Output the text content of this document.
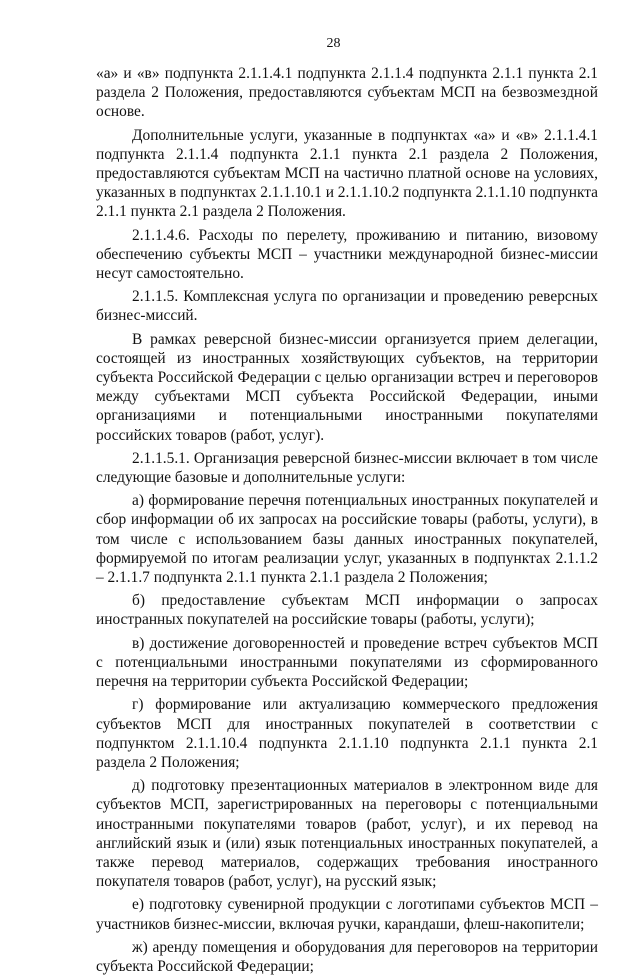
28

«а» и «в» подпункта 2.1.1.4.1 подпункта 2.1.1.4 подпункта 2.1.1 пункта 2.1 раздела 2 Положения, предоставляются субъектам МСП на безвозмездной основе.

Дополнительные услуги, указанные в подпунктах «а» и «в» 2.1.1.4.1 подпункта 2.1.1.4 подпункта 2.1.1 пункта 2.1 раздела 2 Положения, предоставляются субъектам МСП на частично платной основе на условиях, указанных в подпунктах 2.1.1.10.1 и 2.1.1.10.2 подпункта 2.1.1.10 подпункта 2.1.1 пункта 2.1 раздела 2 Положения.

2.1.1.4.6. Расходы по перелету, проживанию и питанию, визовому обеспечению субъекты МСП – участники международной бизнес-миссии несут самостоятельно.

2.1.1.5. Комплексная услуга по организации и проведению реверсных бизнес-миссий.

В рамках реверсной бизнес-миссии организуется прием делегации, состоящей из иностранных хозяйствующих субъектов, на территории субъекта Российской Федерации с целью организации встреч и переговоров между субъектами МСП субъекта Российской Федерации, иными организациями и потенциальными иностранными покупателями российских товаров (работ, услуг).

2.1.1.5.1. Организация реверсной бизнес-миссии включает в том числе следующие базовые и дополнительные услуги:

а) формирование перечня потенциальных иностранных покупателей и сбор информации об их запросах на российские товары (работы, услуги), в том числе с использованием базы данных иностранных покупателей, формируемой по итогам реализации услуг, указанных в подпунктах 2.1.1.2 – 2.1.1.7 подпункта 2.1.1 пункта 2.1.1 раздела 2 Положения;

б) предоставление субъектам МСП информации о запросах иностранных покупателей на российские товары (работы, услуги);

в) достижение договоренностей и проведение встреч субъектов МСП с потенциальными иностранными покупателями из сформированного перечня на территории субъекта Российской Федерации;

г) формирование или актуализацию коммерческого предложения субъектов МСП для иностранных покупателей в соответствии с подпунктом 2.1.1.10.4 подпункта 2.1.1.10 подпункта 2.1.1 пункта 2.1 раздела 2 Положения;

д) подготовку презентационных материалов в электронном виде для субъектов МСП, зарегистрированных на переговоры с потенциальными иностранными покупателями товаров (работ, услуг), и их перевод на английский язык и (или) язык потенциальных иностранных покупателей, а также перевод материалов, содержащих требования иностранного покупателя товаров (работ, услуг), на русский язык;

е) подготовку сувенирной продукции с логотипами субъектов МСП – участников бизнес-миссии, включая ручки, карандаши, флеш-накопители;

ж) аренду помещения и оборудования для переговоров на территории субъекта Российской Федерации;
